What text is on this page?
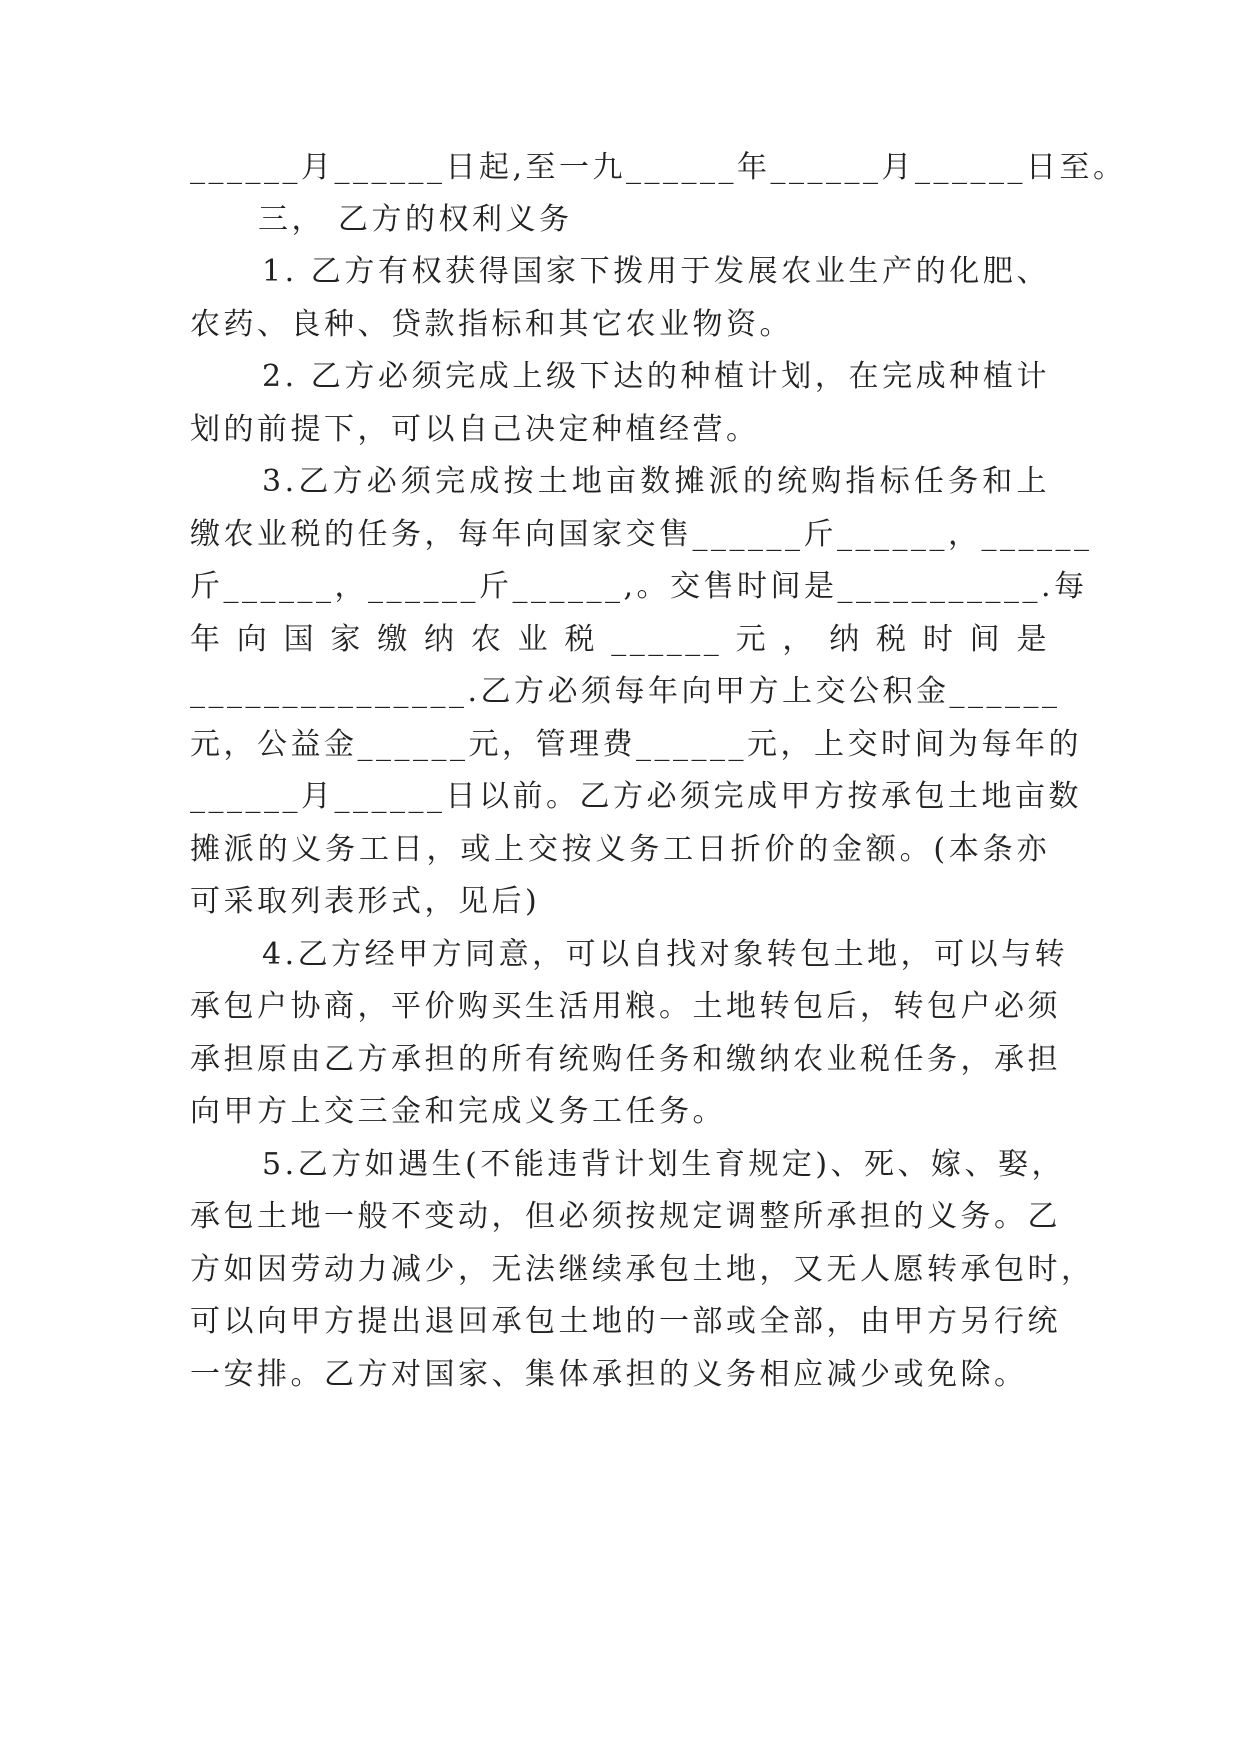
______月______日起,至一九______年______月______日至。
三， 乙方的权利义务
1. 乙方有权获得国家下拨用于发展农业生产的化肥、
农药、良种、贷款指标和其它农业物资。
2. 乙方必须完成上级下达的种植计划，在完成种植计
划的前提下，可以自己决定种植经营。
3.乙方必须完成按土地亩数摊派的统购指标任务和上
缴农业税的任务，每年向国家交售______斤______，______
斤______，______斤______,。交售时间是___________.每
年向国家缴纳农业税______元，纳税时间是
_______________.乙方必须每年向甲方上交公积金______
元，公益金______元，管理费______元，上交时间为每年的
______月______日以前。乙方必须完成甲方按承包土地亩数
摊派的义务工日，或上交按义务工日折价的金额。(本条亦
可采取列表形式，见后)
4.乙方经甲方同意，可以自找对象转包土地，可以与转
承包户协商，平价购买生活用粮。土地转包后，转包户必须
承担原由乙方承担的所有统购任务和缴纳农业税任务，承担
向甲方上交三金和完成义务工任务。
5.乙方如遇生(不能违背计划生育规定)、死、嫁、娶，
承包土地一般不变动，但必须按规定调整所承担的义务。乙
方如因劳动力减少，无法继续承包土地，又无人愿转承包时，
可以向甲方提出退回承包土地的一部或全部，由甲方另行统
一安排。乙方对国家、集体承担的义务相应减少或免除。
